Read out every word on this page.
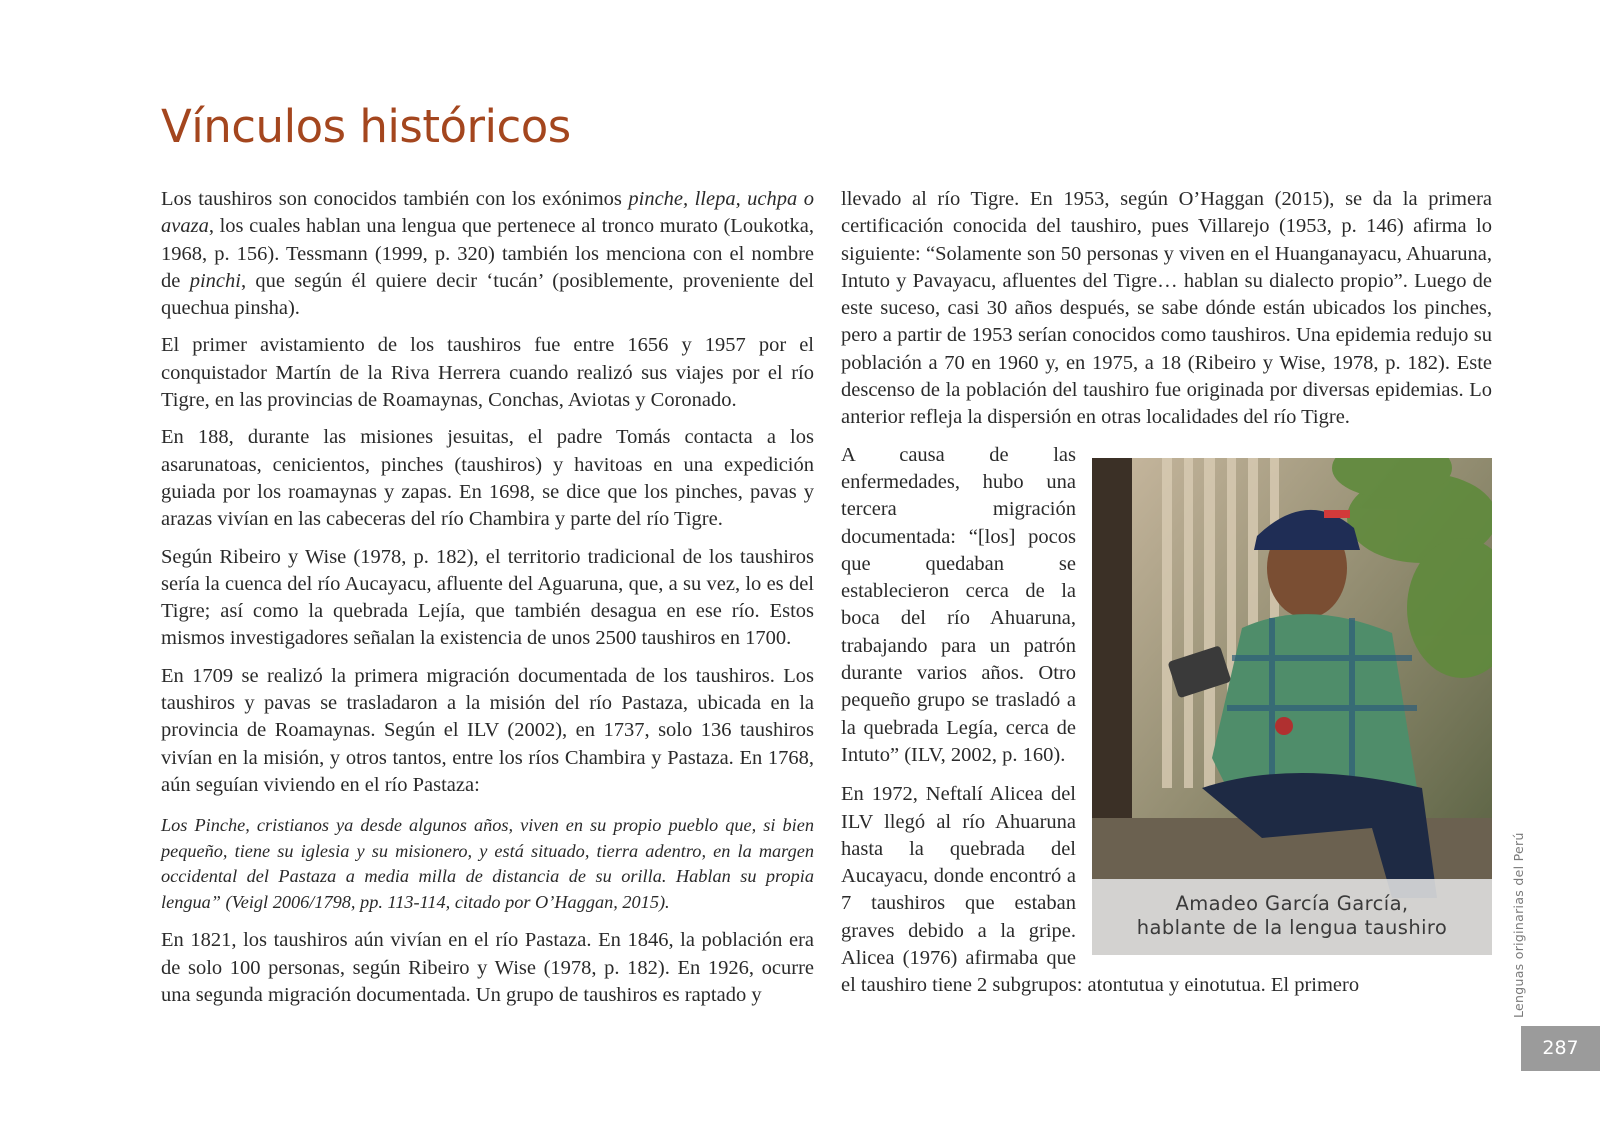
Vínculos históricos

Los taushiros son conocidos también con los exónimos pinche, llepa, uchpa o avaza, los cuales hablan una lengua que pertenece al tronco murato (Loukotka, 1968, p. 156). Tessmann (1999, p. 320) también los menciona con el nombre de pinchi, que según él quiere decir ‘tucán’ (posiblemente, proveniente del quechua pinsha).

El primer avistamiento de los taushiros fue entre 1656 y 1957 por el conquistador Martín de la Riva Herrera cuando realizó sus viajes por el río Tigre, en las provincias de Roamaynas, Conchas, Aviotas y Coronado.

En 188, durante las misiones jesuitas, el padre Tomás contacta a los asarunatoas, cenicientos, pinches (taushiros) y havitoas en una expedición guiada por los roamaynas y zapas. En 1698, se dice que los pinches, pavas y arazas vivían en las cabeceras del río Chambira y parte del río Tigre.

Según Ribeiro y Wise (1978, p. 182), el territorio tradicional de los taushiros sería la cuenca del río Aucayacu, afluente del Aguaruna, que, a su vez, lo es del Tigre; así como la quebrada Lejía, que también desagua en ese río. Estos mismos investigadores señalan la existencia de unos 2500 taushiros en 1700.

En 1709 se realizó la primera migración documentada de los taushiros. Los taushiros y pavas se trasladaron a la misión del río Pastaza, ubicada en la provincia de Roamaynas. Según el ILV (2002), en 1737, solo 136 taushiros vivían en la misión, y otros tantos, entre los ríos Chambira y Pastaza. En 1768, aún seguían viviendo en el río Pastaza:

Los Pinche, cristianos ya desde algunos años, viven en su propio pueblo que, si bien pequeño, tiene su iglesia y su misionero, y está situado, tierra adentro, en la margen occidental del Pastaza a media milla de distancia de su orilla. Hablan su propia lengua” (Veigl 2006/1798, pp. 113-114, citado por O’Haggan, 2015).

En 1821, los taushiros aún vivían en el río Pastaza. En 1846, la población era de solo 100 personas, según Ribeiro y Wise (1978, p. 182). En 1926, ocurre una segunda migración documentada. Un grupo de taushiros es raptado y

llevado al río Tigre. En 1953, según O’Haggan (2015), se da la primera certificación conocida del taushiro, pues Villarejo (1953, p. 146) afirma lo siguiente: “Solamente son 50 personas y viven en el Huanganayacu, Ahuaruna, Intuto y Pavayacu, afluentes del Tigre… hablan su dialecto propio”. Luego de este suceso, casi 30 años después, se sabe dónde están ubicados los pinches, pero a partir de 1953 serían conocidos como taushiros. Una epidemia redujo su población a 70 en 1960 y, en 1975, a 18 (Ribeiro y Wise, 1978, p. 182). Este descenso de la población del taushiro fue originada por diversas epidemias. Lo anterior refleja la dispersión en otras localidades del río Tigre.

Amadeo García García,
hablante de la lengua taushiro

A causa de las enfermedades, hubo una tercera migración documentada: “[los] pocos que quedaban se establecieron cerca de la boca del río Ahuaruna, trabajando para un patrón durante varios años. Otro pequeño grupo se trasladó a la quebrada Legía, cerca de Intuto” (ILV, 2002, p. 160).

En 1972, Neftalí Alicea del ILV llegó al río Ahuaruna hasta la quebrada del Aucayacu, donde encontró a 7 taushiros que estaban graves debido a la gripe. Alicea (1976) afirmaba que el taushiro tiene 2 subgrupos: atontutua y einotutua. El primero	Lenguas originarias del Perú
287
